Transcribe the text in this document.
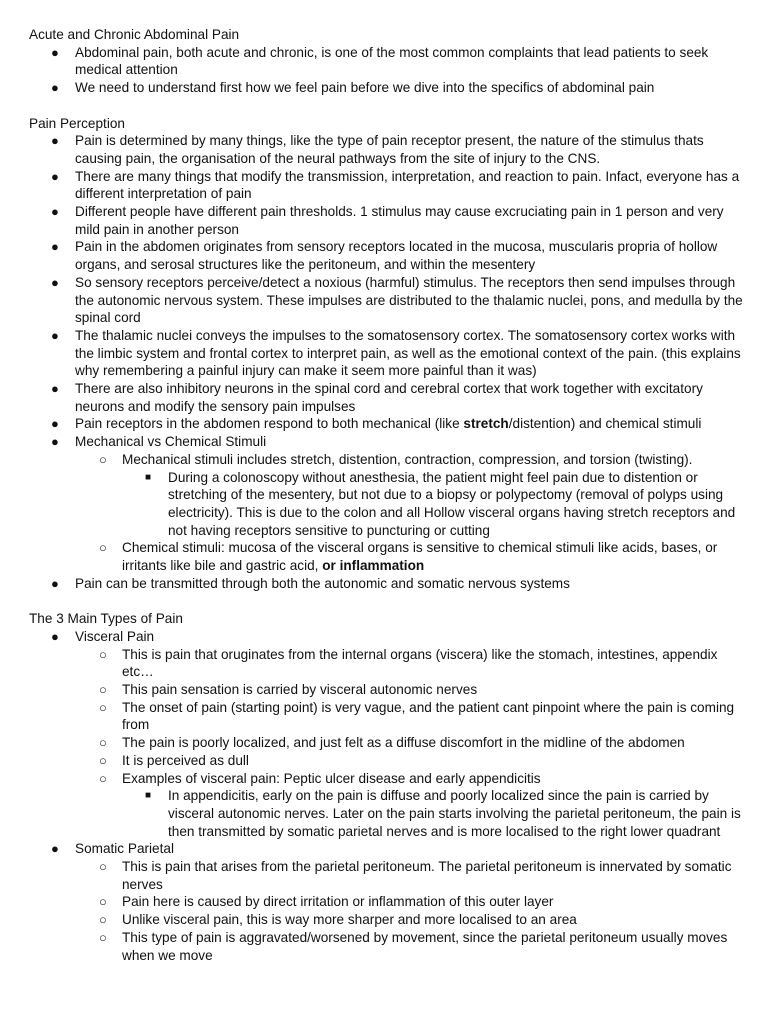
Acute and Chronic Abdominal Pain

● Abdominal pain, both acute and chronic, is one of the most common complaints that lead patients to seek medical attention
● We need to understand first how we feel pain before we dive into the specifics of abdominal pain

Pain Perception

● Pain is determined by many things, like the type of pain receptor present, the nature of the stimulus thats causing pain, the organisation of the neural pathways from the site of injury to the CNS.
● There are many things that modify the transmission, interpretation, and reaction to pain. Infact, everyone has a different interpretation of pain
● Different people have different pain thresholds. 1 stimulus may cause excruciating pain in 1 person and very mild pain in another person
● Pain in the abdomen originates from sensory receptors located in the mucosa, muscularis propria of hollow organs, and serosal structures like the peritoneum, and within the mesentery
● So sensory receptors perceive/detect a noxious (harmful) stimulus. The receptors then send impulses through the autonomic nervous system. These impulses are distributed to the thalamic nuclei, pons, and medulla by the spinal cord
● The thalamic nuclei conveys the impulses to the somatosensory cortex. The somatosensory cortex works with the limbic system and frontal cortex to interpret pain, as well as the emotional context of the pain. (this explains why remembering a painful injury can make it seem more painful than it was)
● There are also inhibitory neurons in the spinal cord and cerebral cortex that work together with excitatory neurons and modify the sensory pain impulses
● Pain receptors in the abdomen respond to both mechanical (like stretch/distention) and chemical stimuli
● Mechanical vs Chemical Stimuli
○ Mechanical stimuli includes stretch, distention, contraction, compression, and torsion (twisting).
■ During a colonoscopy without anesthesia, the patient might feel pain due to distention or stretching of the mesentery, but not due to a biopsy or polypectomy (removal of polyps using electricity). This is due to the colon and all Hollow visceral organs having stretch receptors and not having receptors sensitive to puncturing or cutting
○ Chemical stimuli: mucosa of the visceral organs is sensitive to chemical stimuli like acids, bases, or irritants like bile and gastric acid, or inflammation
● Pain can be transmitted through both the autonomic and somatic nervous systems

The 3 Main Types of Pain

● Visceral Pain
○ This is pain that oruginates from the internal organs (viscera) like the stomach, intestines, appendix etc…
○ This pain sensation is carried by visceral autonomic nerves
○ The onset of pain (starting point) is very vague, and the patient cant pinpoint where the pain is coming from
○ The pain is poorly localized, and just felt as a diffuse discomfort in the midline of the abdomen
○ It is perceived as dull
○ Examples of visceral pain: Peptic ulcer disease and early appendicitis
■ In appendicitis, early on the pain is diffuse and poorly localized since the pain is carried by visceral autonomic nerves. Later on the pain starts involving the parietal peritoneum, the pain is then transmitted by somatic parietal nerves and is more localised to the right lower quadrant
● Somatic Parietal
○ This is pain that arises from the parietal peritoneum. The parietal peritoneum is innervated by somatic nerves
○ Pain here is caused by direct irritation or inflammation of this outer layer
○ Unlike visceral pain, this is way more sharper and more localised to an area
○ This type of pain is aggravated/worsened by movement, since the parietal peritoneum usually moves when we move
